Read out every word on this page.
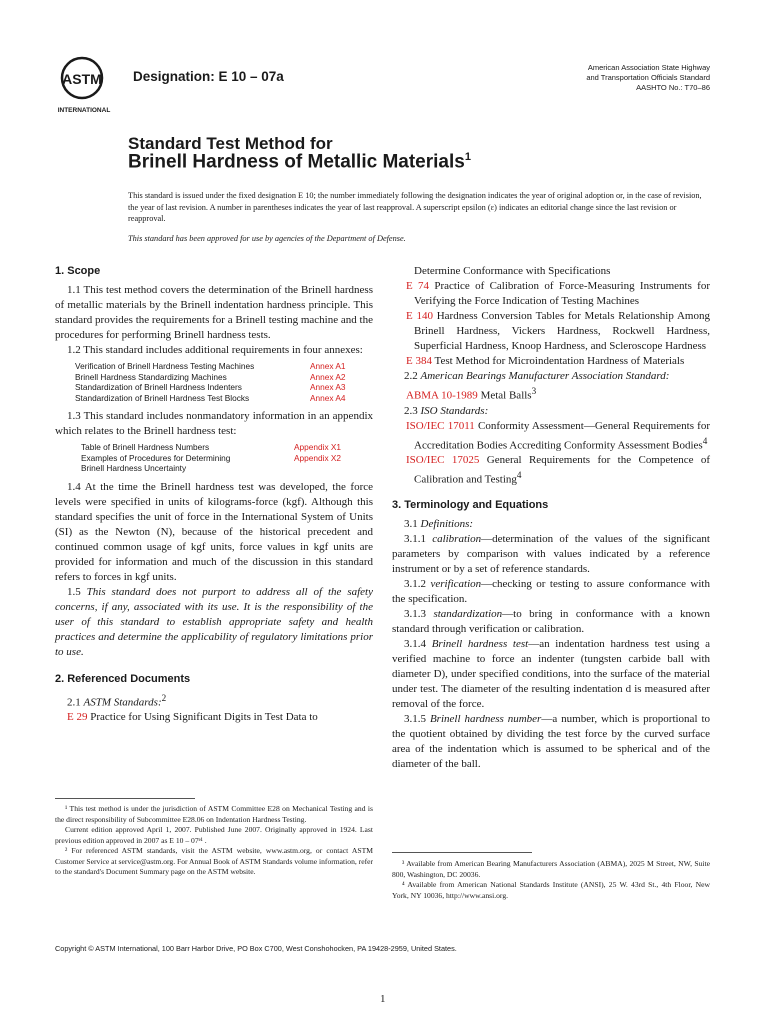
ASTM
INTERNATIONAL
Designation: E 10 – 07a
American Association State Highway
and Transportation Officials Standard
AASHTO No.: T70–86
Standard Test Method for
Brinell Hardness of Metallic Materials$^1$
This standard is issued under the fixed designation E 10; the number immediately following the designation indicates the year of original adoption or, in the case of revision, the year of last revision. A number in parentheses indicates the year of last reapproval. A superscript epsilon (ε) indicates an editorial change since the last revision or reapproval.
This standard has been approved for use by agencies of the Department of Defense.
1. Scope

1.1 This test method covers the determination of the Brinell hardness of metallic materials by the Brinell indentation hardness principle. This standard provides the requirements for a Brinell testing machine and the procedures for performing Brinell hardness tests.

1.2 This standard includes additional requirements in four annexes:

Verification of Brinell Hardness Testing Machines	Annex A1
Brinell Hardness Standardizing Machines	Annex A2
Standardization of Brinell Hardness Indenters	Annex A3
Standardization of Brinell Hardness Test Blocks	Annex A4

1.3 This standard includes nonmandatory information in an appendix which relates to the Brinell hardness test:

Table of Brinell Hardness Numbers	Appendix X1
Examples of Procedures for Determining	Appendix X2
Brinell Hardness Uncertainty	

1.4 At the time the Brinell hardness test was developed, the force levels were specified in units of kilograms-force (kgf). Although this standard specifies the unit of force in the International System of Units (SI) as the Newton (N), because of the historical precedent and continued common usage of kgf units, force values in kgf units are provided for information and much of the discussion in this standard refers to forces in kgf units.

1.5 This standard does not purport to address all of the safety concerns, if any, associated with its use. It is the responsibility of the user of this standard to establish appropriate safety and health practices and determine the applicability of regulatory limitations prior to use.

2. Referenced Documents

2.1 ASTM Standards:$^2$

E 29 Practice for Using Significant Digits in Test Data to

Determine Conformance with Specifications

E 74 Practice of Calibration of Force-Measuring Instruments for Verifying the Force Indication of Testing Machines

E 140 Hardness Conversion Tables for Metals Relationship Among Brinell Hardness, Vickers Hardness, Rockwell Hardness, Superficial Hardness, Knoop Hardness, and Scleroscope Hardness

E 384 Test Method for Microindentation Hardness of Materials

2.2 American Bearings Manufacturer Association Standard:

ABMA 10-1989 Metal Balls$^3$

2.3 ISO Standards:

ISO/IEC 17011 Conformity Assessment—General Requirements for Accreditation Bodies Accrediting Conformity Assessment Bodies$^4$

ISO/IEC 17025 General Requirements for the Competence of Calibration and Testing$^4$

3. Terminology and Equations

3.1 Definitions:

3.1.1 calibration—determination of the values of the significant parameters by comparison with values indicated by a reference instrument or by a set of reference standards.

3.1.2 verification—checking or testing to assure conformance with the specification.

3.1.3 standardization—to bring in conformance with a known standard through verification or calibration.

3.1.4 Brinell hardness test—an indentation hardness test using a verified machine to force an indenter (tungsten carbide ball with diameter D), under specified conditions, into the surface of the material under test. The diameter of the resulting indentation d is measured after removal of the force.

3.1.5 Brinell hardness number—a number, which is proportional to the quotient obtained by dividing the test force by the curved surface area of the indentation which is assumed to be spherical and of the diameter of the ball.

¹ This test method is under the jurisdiction of ASTM Committee E28 on Mechanical Testing and is the direct responsibility of Subcommittee E28.06 on Indentation Hardness Testing.

Current edition approved April 1, 2007. Published June 2007. Originally approved in 1924. Last previous edition approved in 2007 as E 10 – 07ᵉ¹ .

² For referenced ASTM standards, visit the ASTM website, www.astm.org, or contact ASTM Customer Service at service@astm.org. For Annual Book of ASTM Standards volume information, refer to the standard's Document Summary page on the ASTM website.

³ Available from American Bearing Manufacturers Association (ABMA), 2025 M Street, NW, Suite 800, Washington, DC 20036.

⁴ Available from American National Standards Institute (ANSI), 25 W. 43rd St., 4th Floor, New York, NY 10036, http://www.ansi.org.

Copyright © ASTM International, 100 Barr Harbor Drive, PO Box C700, West Conshohocken, PA 19428-2959, United States.
1
